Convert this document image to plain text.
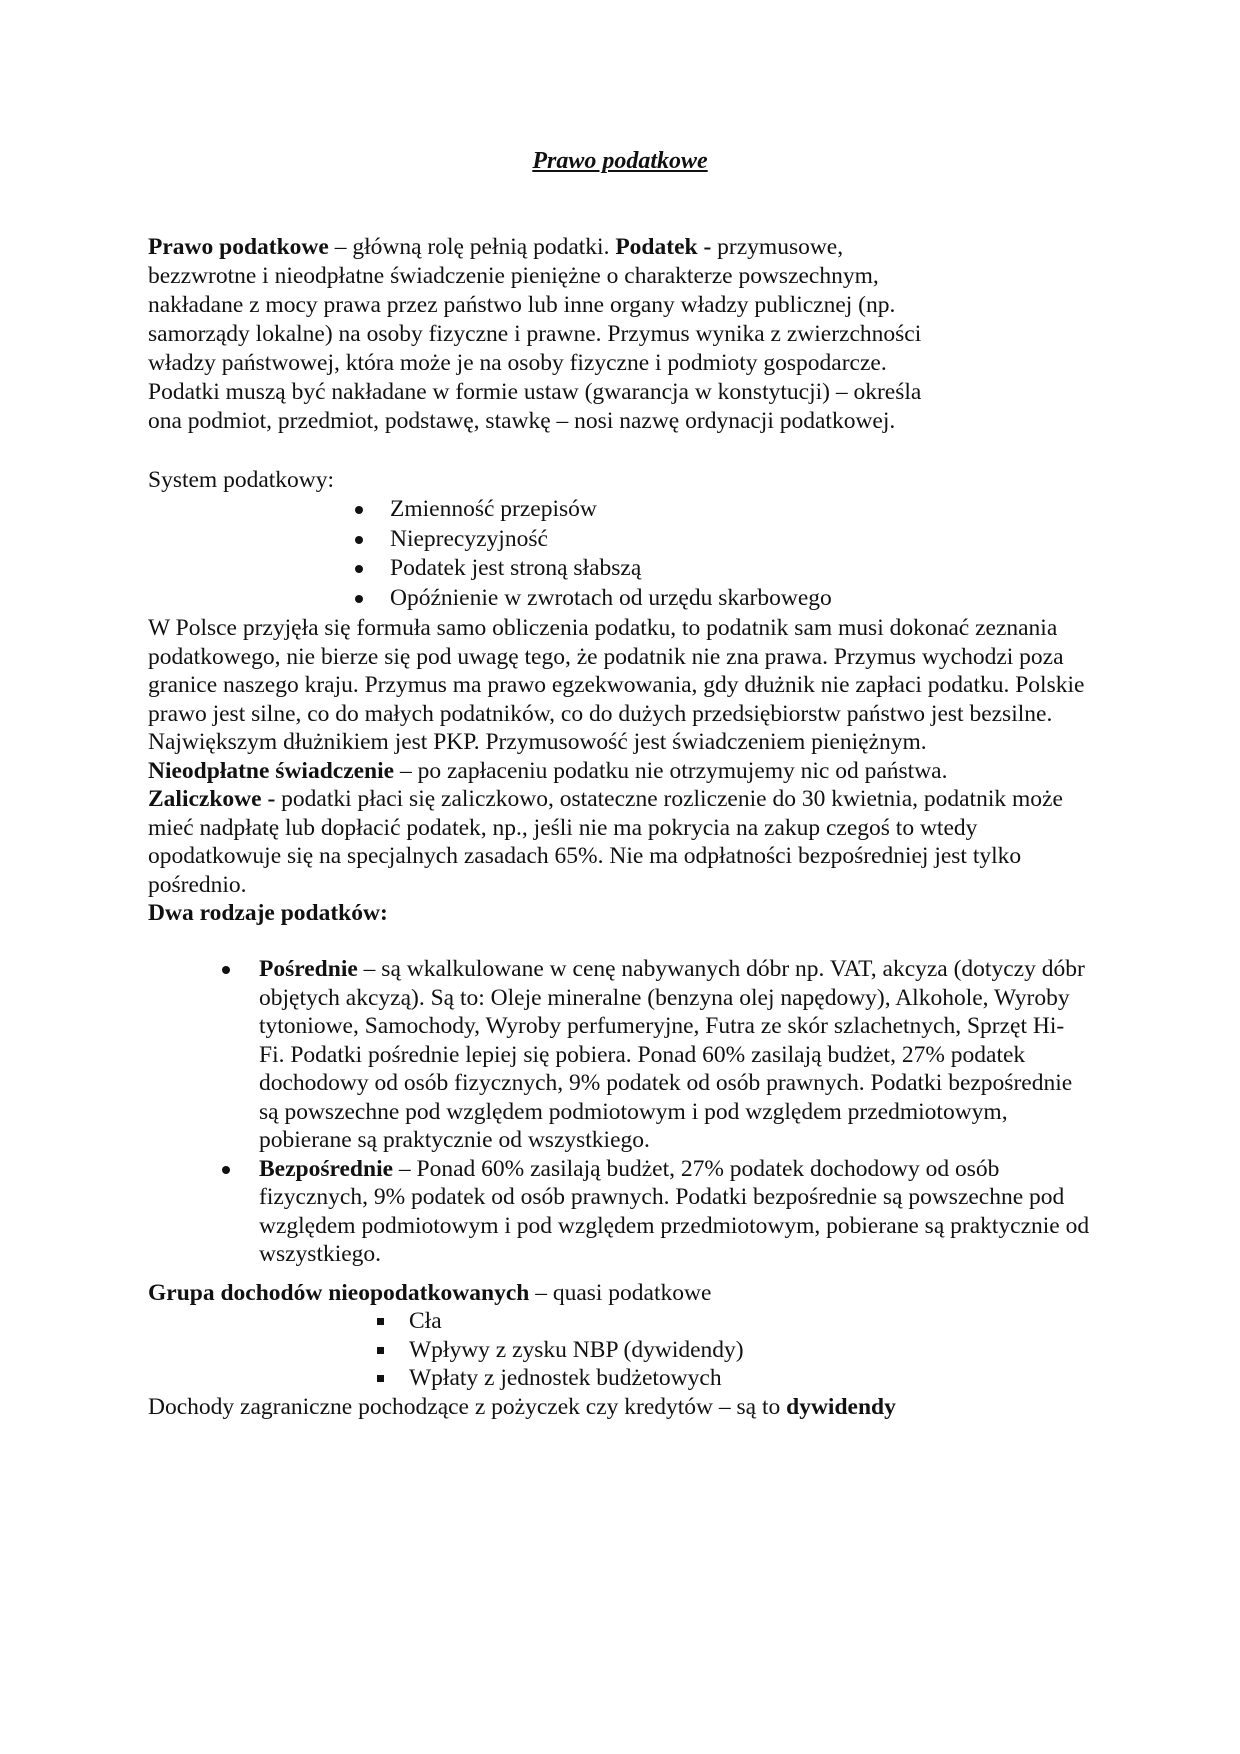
Prawo podatkowe

Prawo podatkowe – główną rolę pełnią podatki. Podatek - przymusowe, bezzwrotne i nieodpłatne świadczenie pieniężne o charakterze powszechnym, nakładane z mocy prawa przez państwo lub inne organy władzy publicznej (np. samorządy lokalne) na osoby fizyczne i prawne. Przymus wynika z zwierzchności władzy państwowej, która może je na osoby fizyczne i podmioty gospodarcze. Podatki muszą być nakładane w formie ustaw (gwarancja w konstytucji) – określa ona podmiot, przedmiot, podstawę, stawkę – nosi nazwę ordynacji podatkowej.

System podatkowy:

Zmienność przepisów
Nieprecyzyjność
Podatek jest stroną słabszą
Opóźnienie w zwrotach od urzędu skarbowego

W Polsce przyjęła się formuła samo obliczenia podatku, to podatnik sam musi dokonać zeznania podatkowego, nie bierze się pod uwagę tego, że podatnik nie zna prawa. Przymus wychodzi poza granice naszego kraju. Przymus ma prawo egzekwowania, gdy dłużnik nie zapłaci podatku. Polskie prawo jest silne, co do małych podatników, co do dużych przedsiębiorstw państwo jest bezsilne. Największym dłużnikiem jest PKP. Przymusowość jest świadczeniem pieniężnym.

Nieodpłatne świadczenie – po zapłaceniu podatku nie otrzymujemy nic od państwa.

Zaliczkowe - podatki płaci się zaliczkowo, ostateczne rozliczenie do 30 kwietnia, podatnik może mieć nadpłatę lub dopłacić podatek, np., jeśli nie ma pokrycia na zakup czegoś to wtedy opodatkowuje się na specjalnych zasadach 65%. Nie ma odpłatności bezpośredniej jest tylko pośrednio.

Dwa rodzaje podatków:

Pośrednie – są wkalkulowane w cenę nabywanych dóbr np. VAT, akcyza (dotyczy dóbr objętych akcyzą). Są to: Oleje mineralne (benzyna olej napędowy), Alkohole, Wyroby tytoniowe, Samochody, Wyroby perfumeryjne, Futra ze skór szlachetnych, Sprzęt Hi- Fi. Podatki pośrednie lepiej się pobiera. Ponad 60% zasilają budżet, 27% podatek dochodowy od osób fizycznych, 9% podatek od osób prawnych. Podatki bezpośrednie są powszechne pod względem podmiotowym i pod względem przedmiotowym, pobierane są praktycznie od wszystkiego.
Bezpośrednie – Ponad 60% zasilają budżet, 27% podatek dochodowy od osób fizycznych, 9% podatek od osób prawnych. Podatki bezpośrednie są powszechne pod względem podmiotowym i pod względem przedmiotowym, pobierane są praktycznie od wszystkiego.

Grupa dochodów nieopodatkowanych – quasi podatkowe

Cła
Wpływy z zysku NBP (dywidendy)
Wpłaty z jednostek budżetowych

Dochody zagraniczne pochodzące z pożyczek czy kredytów – są to dywidendy
